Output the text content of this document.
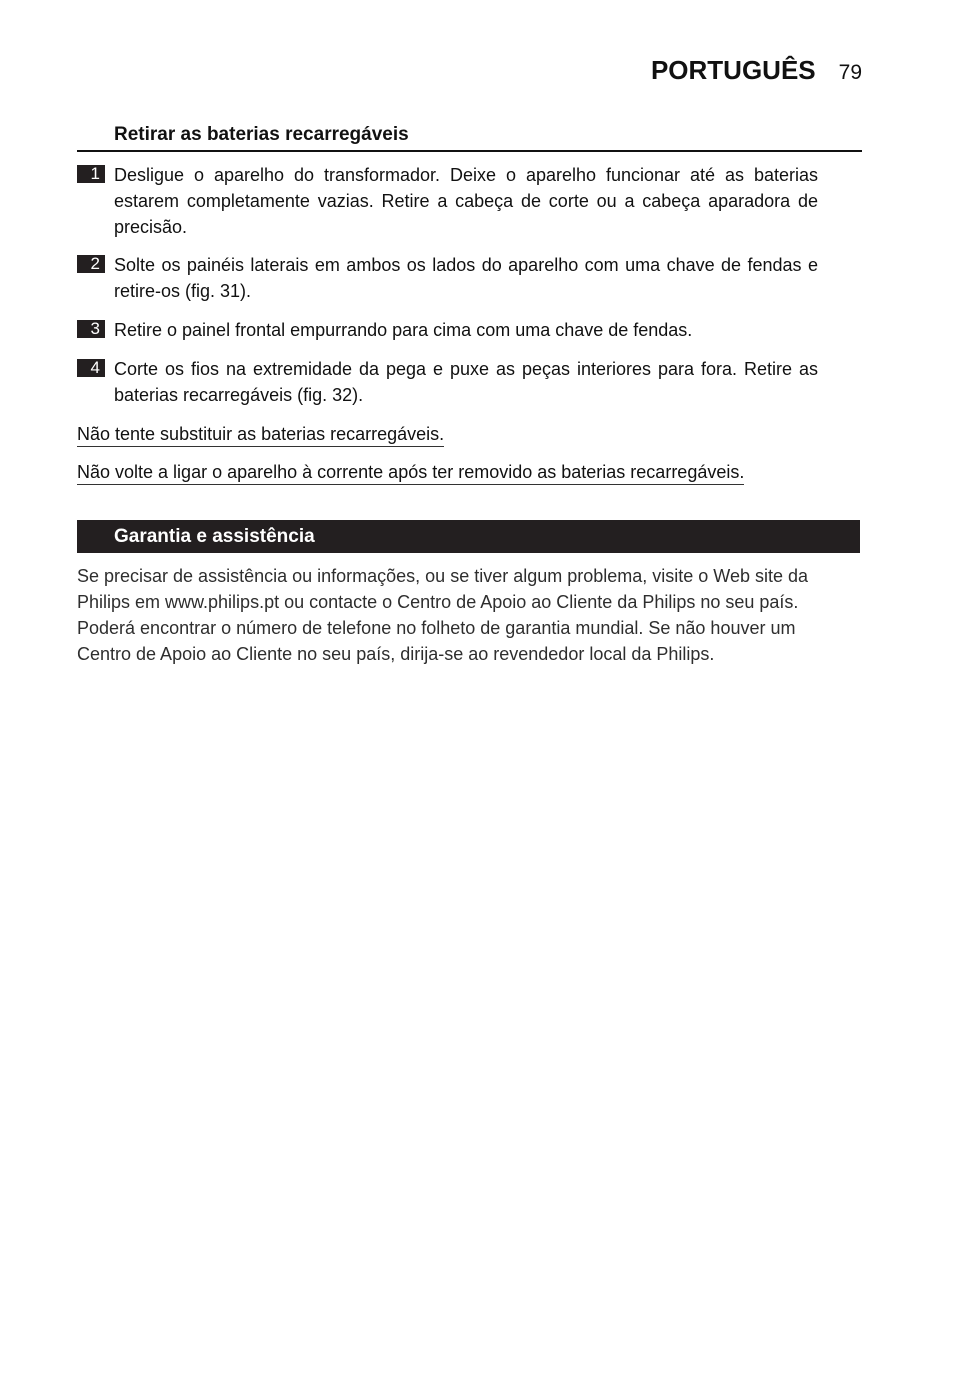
PORTUGUÊS 79
Retirar as baterias recarregáveis
1 Desligue o aparelho do transformador. Deixe o aparelho funcionar até as baterias
estarem completamente vazias. Retire a cabeça de corte ou a cabeça aparadora de
precisão.
2 Solte os painéis laterais em ambos os lados do aparelho com uma chave de fendas e
retire-os (fig. 31).
3 Retire o painel frontal empurrando para cima com uma chave de fendas.
4 Corte os fios na extremidade da pega e puxe as peças interiores para fora. Retire as
baterias recarregáveis (fig. 32).
Não tente substituir as baterias recarregáveis.
Não volte a ligar o aparelho à corrente após ter removido as baterias recarregáveis.
Garantia e assistência
Se precisar de assistência ou informações, ou se tiver algum problema, visite o Web site da
Philips em www.philips.pt ou contacte o Centro de Apoio ao Cliente da Philips no seu país.
Poderá encontrar o número de telefone no folheto de garantia mundial. Se não houver um
Centro de Apoio ao Cliente no seu país, dirija-se ao revendedor local da Philips.
